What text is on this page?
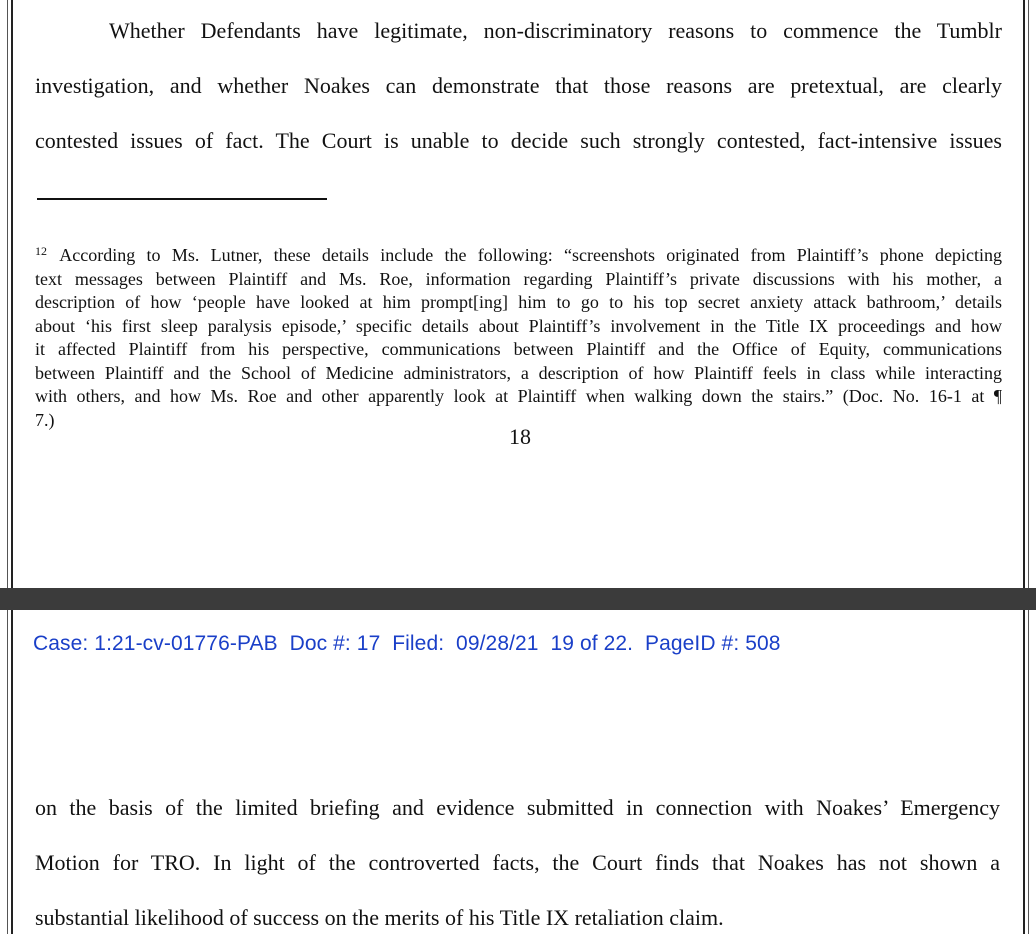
Whether Defendants have legitimate, non-discriminatory reasons to commence the Tumblr
investigation, and whether Noakes can demonstrate that those reasons are pretextual, are clearly
contested issues of fact. The Court is unable to decide such strongly contested, fact-intensive issues
$^{12}$ According to Ms. Lutner, these details include the following: “screenshots originated from Plaintiff’s phone depicting
text messages between Plaintiff and Ms. Roe, information regarding Plaintiff’s private discussions with his mother, a
description of how ‘people have looked at him prompt[ing] him to go to his top secret anxiety attack bathroom,’ details
about ‘his first sleep paralysis episode,’ specific details about Plaintiff’s involvement in the Title IX proceedings and how
it affected Plaintiff from his perspective, communications between Plaintiff and the Office of Equity, communications
between Plaintiff and the School of Medicine administrators, a description of how Plaintiff feels in class while interacting
with others, and how Ms. Roe and other apparently look at Plaintiff when walking down the stairs.” (Doc. No. 16-1 at ¶
7.)
18
Case: 1:21-cv-01776-PAB  Doc #: 17  Filed:  09/28/21  19 of 22.  PageID #: 508
on the basis of the limited briefing and evidence submitted in connection with Noakes’ Emergency
Motion for TRO. In light of the controverted facts, the Court finds that Noakes has not shown a
substantial likelihood of success on the merits of his Title IX retaliation claim.
